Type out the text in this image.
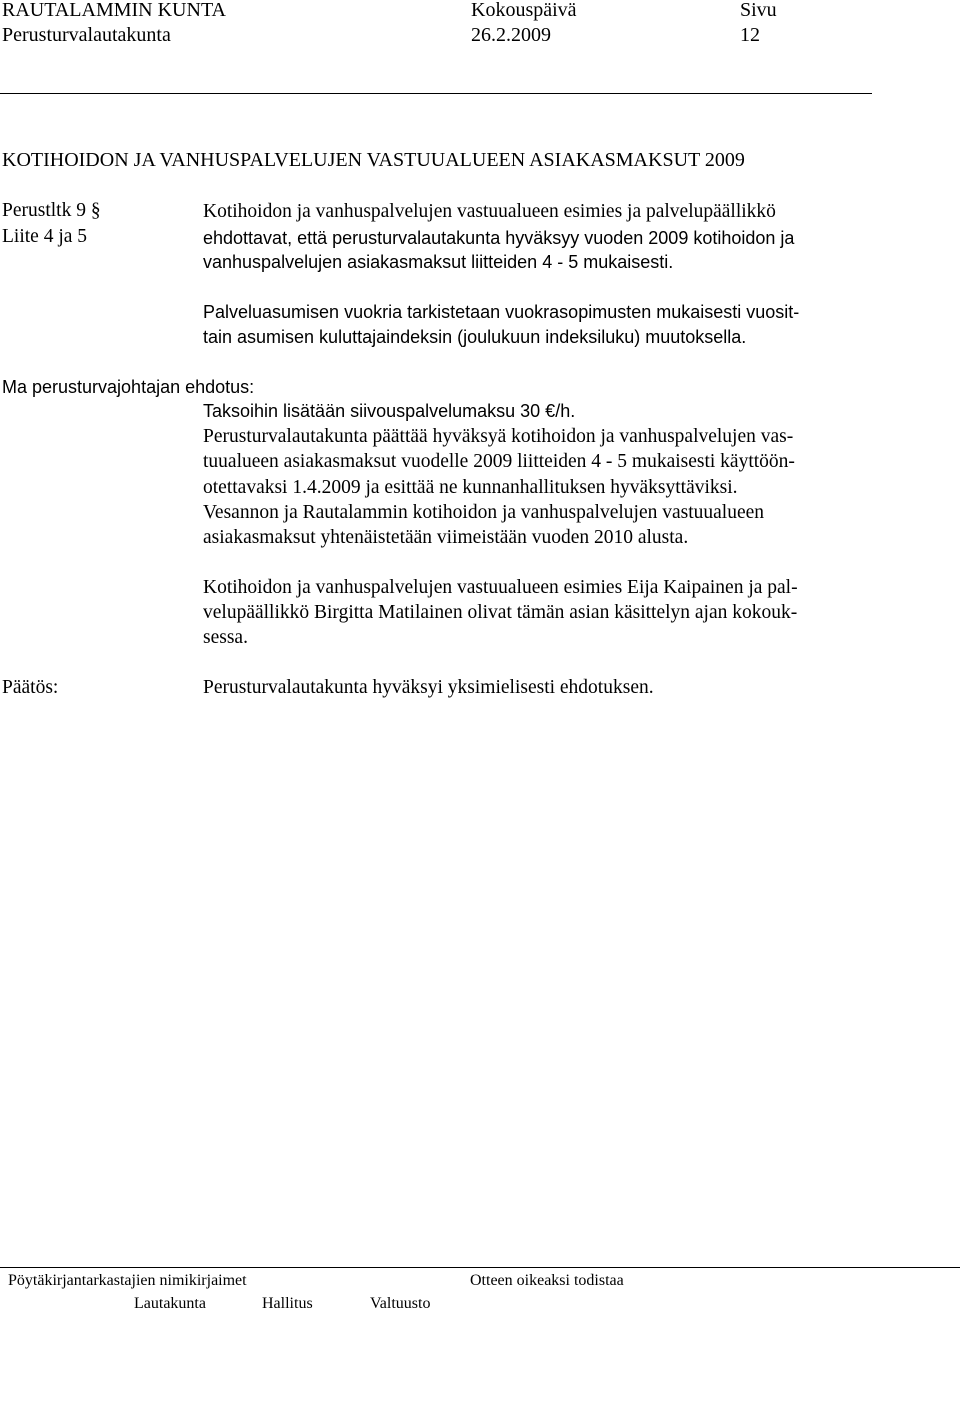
RAUTALAMMIN KUNTA	Kokouspäivä	Sivu
Perusturvalautakunta	26.2.2009	12
KOTIHOIDON JA VANHUSPALVELUJEN VASTUUALUEEN ASIAKASMAKSUT 2009
Perustltk 9 §
Liite 4 ja 5
Kotihoidon ja vanhuspalvelujen vastuualueen esimies ja palvelupäällikkö
ehdottavat, että perusturvalautakunta hyväksyy vuoden 2009 kotihoidon ja
vanhuspalvelujen asiakasmaksut liitteiden 4 - 5 mukaisesti.
Palveluasumisen vuokria tarkistetaan vuokrasopimusten mukaisesti vuosit-
tain asumisen kuluttajaindeksin (joulukuun indeksiluku) muutoksella.
Ma perusturvajohtajan ehdotus:
Taksoihin lisätään siivouspalvelumaksu 30 €/h.
Perusturvalautakunta päättää hyväksyä kotihoidon ja vanhuspalvelujen vas-
tuualueen asiakasmaksut vuodelle 2009 liitteiden 4 - 5 mukaisesti käyttöön-
otettavaksi 1.4.2009 ja esittää ne kunnanhallituksen hyväksyttäviksi.
Vesannon ja Rautalammin kotihoidon ja vanhuspalvelujen vastuualueen
asiakasmaksut yhtenäistetään viimeistään vuoden 2010 alusta.
Kotihoidon ja vanhuspalvelujen vastuualueen esimies Eija Kaipainen ja pal-
velupäällikkö Birgitta Matilainen olivat tämän asian käsittelyn ajan kokouk-
sessa.
Päätös:	Perusturvalautakunta hyväksyi yksimielisesti ehdotuksen.
Pöytäkirjantarkastajien nimikirjaimet	Otteen oikeaksi todistaa
Lautakunta	Hallitus	Valtuusto
